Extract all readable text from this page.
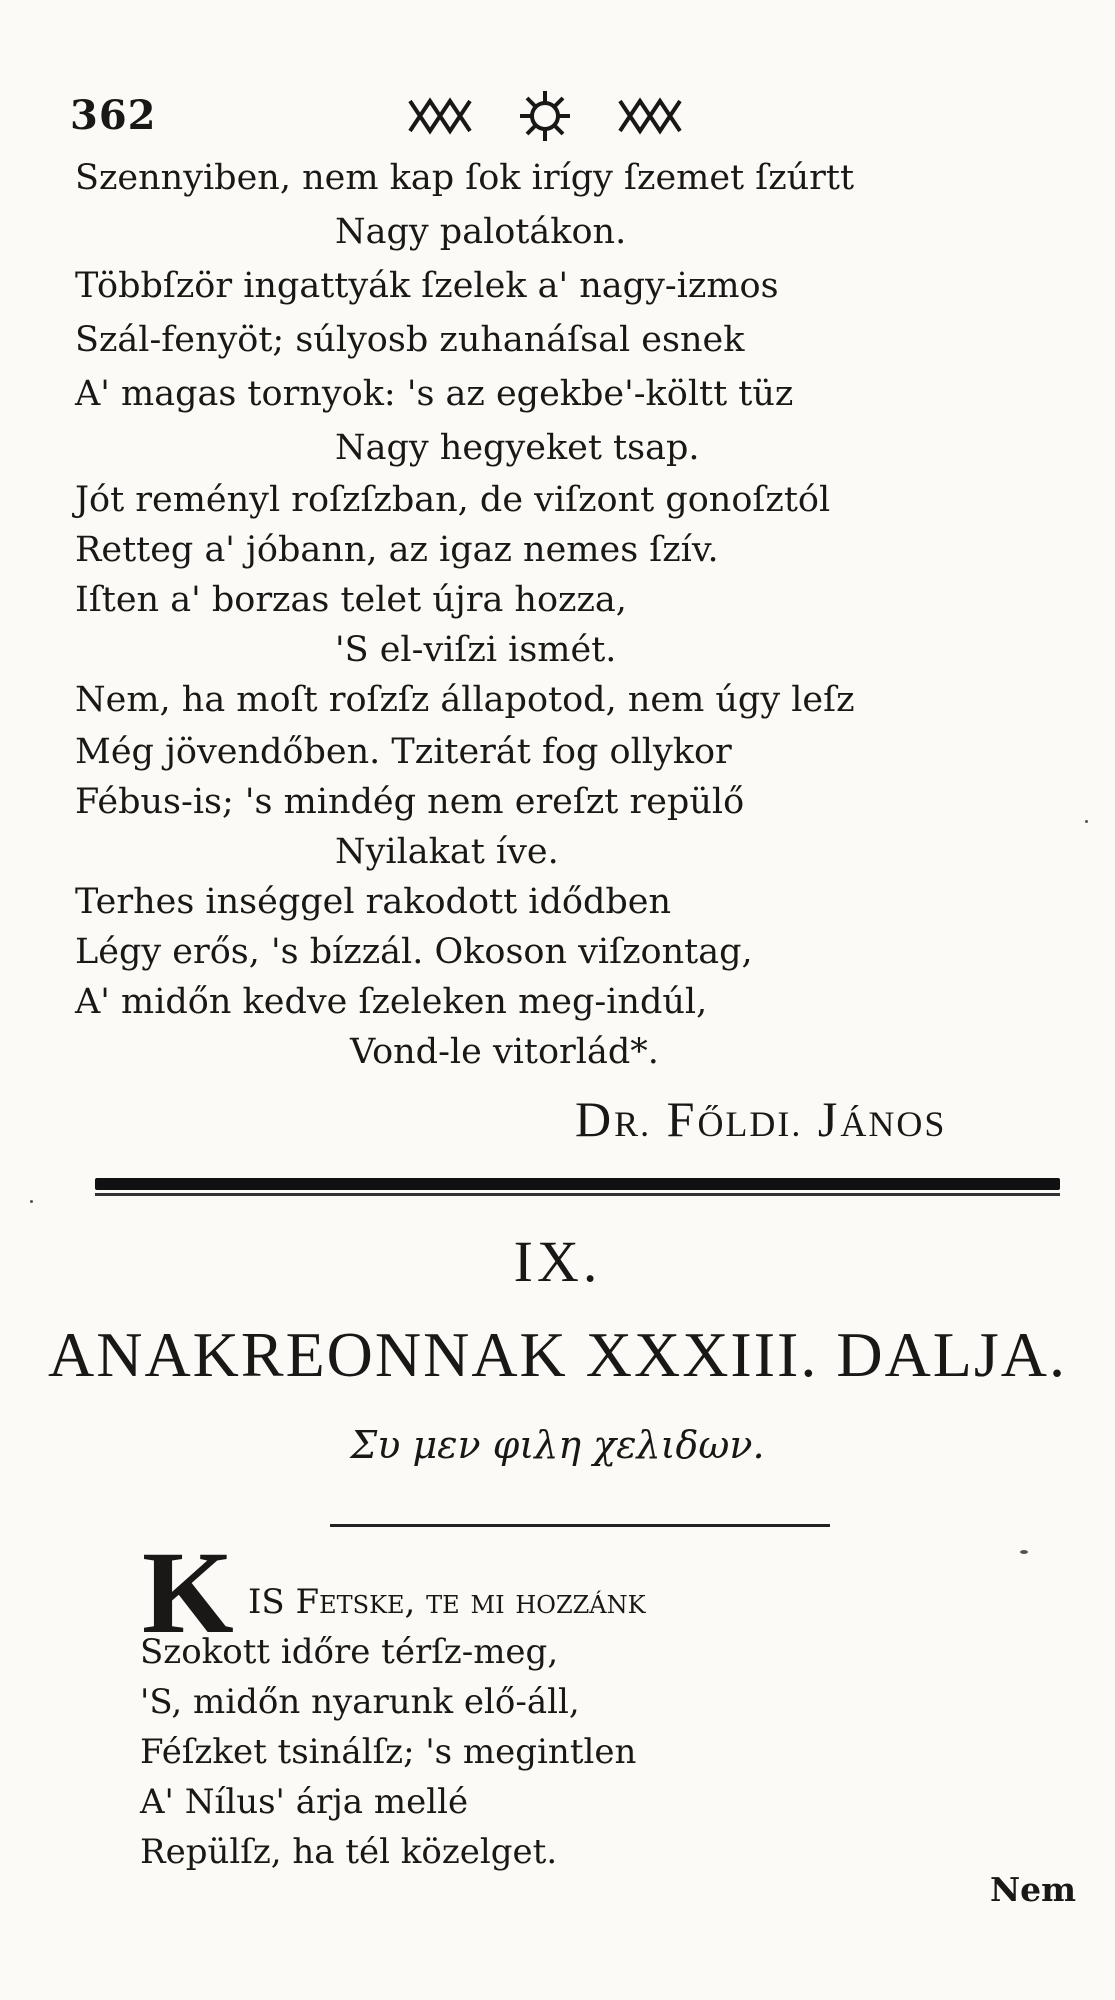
362
Szennyiben, nem kap ſok irígy ſzemet ſzúrtt
Nagy palotákon.
Többſzör ingattyák ſzelek a' nagy-izmos
Szál-fenyöt; súlyosb zuhanáſsal esnek
A' magas tornyok: 's az egekbe'-költt tüz
Nagy hegyeket tsap.
Jót reményl roſzſzban, de viſzont gonoſztól
Retteg a' jóbann, az igaz nemes ſzív.
Iſten a' borzas telet újra hozza,
'S el-viſzi ismét.
Nem, ha moſt roſzſz állapotod, nem úgy leſz
Még jövendőben. Tziterát fog ollykor
Fébus-is; 's mindég nem ereſzt repülő
Nyilakat íve.
Terhes inséggel rakodott idődben
Légy erős, 's bízzál. Okoson viſzontag,
A' midőn kedve ſzeleken meg-indúl,
Vond-le vitorlád*.
DR. FŐLDI. JÁNOS
IX.
ANAKREONNAK XXXIII. DALJA.
Συ μεν φιλη χελιδων.
K IS Fetske, te mi hozzánk
Szokott időre térſz-meg,
'S, midőn nyarunk elő-áll,
Féſzket tsinálſz; 's megintlen
A' Nílus' árja mellé
Repülſz, ha tél közelget.
Nem
